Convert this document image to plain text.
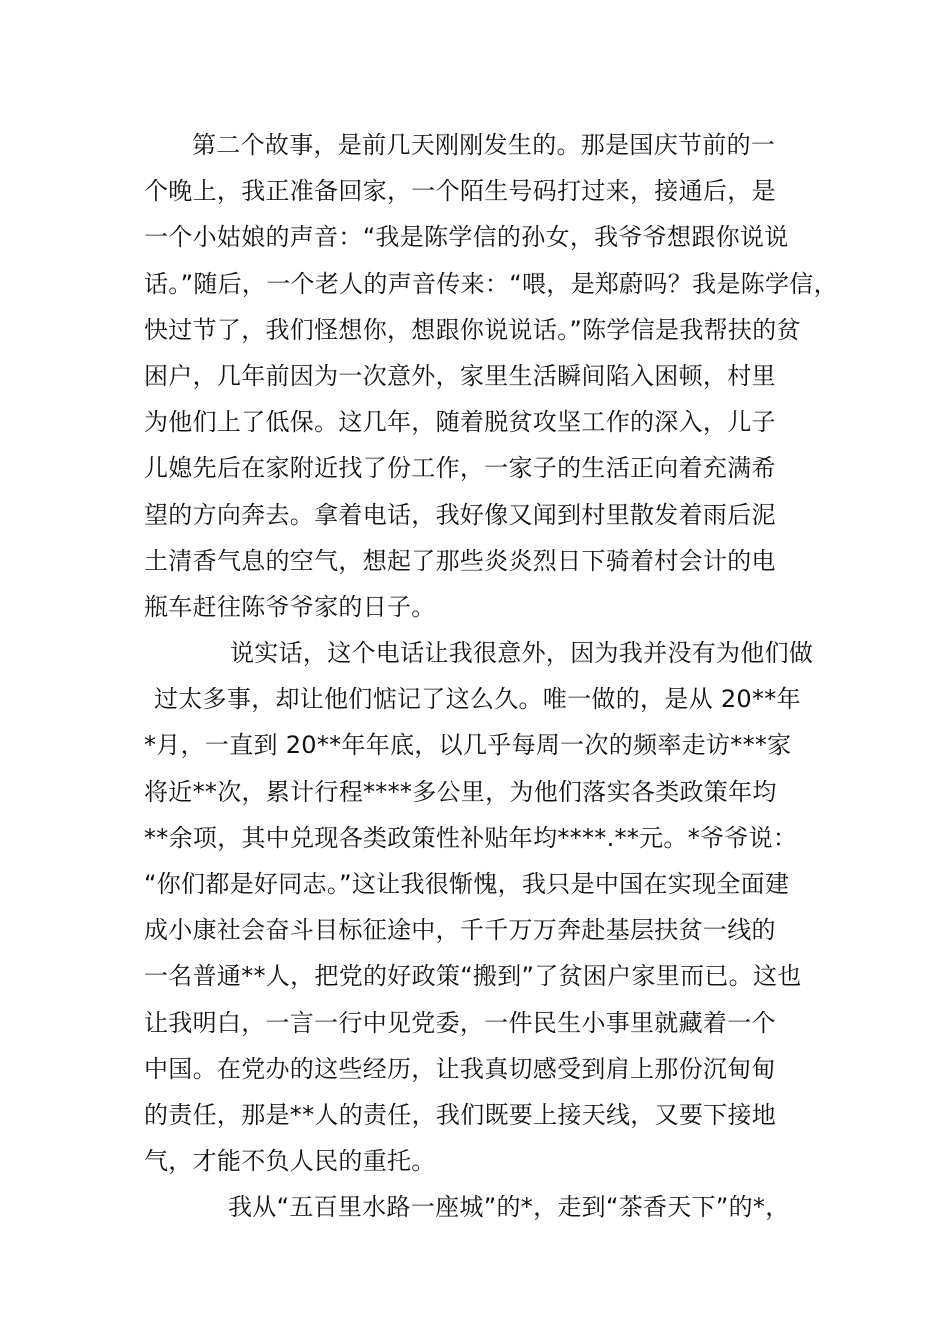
第二个故事，是前几天刚刚发生的。那是国庆节前的一
个晚上，我正准备回家，一个陌生号码打过来，接通后，是
一个小姑娘的声音：“我是陈学信的孙女，我爷爷想跟你说说
话。”随后，一个老人的声音传来：“喂，是郑蔚吗？我是陈学信，
快过节了，我们怪想你，想跟你说说话。”陈学信是我帮扶的贫
困户，几年前因为一次意外，家里生活瞬间陷入困顿，村里
为他们上了低保。这几年，随着脱贫攻坚工作的深入，儿子
儿媳先后在家附近找了份工作，一家子的生活正向着充满希
望的方向奔去。拿着电话，我好像又闻到村里散发着雨后泥
土清香气息的空气，想起了那些炎炎烈日下骑着村会计的电
瓶车赶往陈爷爷家的日子。
说实话，这个电话让我很意外，因为我并没有为他们做
过太多事，却让他们惦记了这么久。唯一做的，是从 20**年
*月，一直到 20**年年底，以几乎每周一次的频率走访***家
将近**次，累计行程****多公里，为他们落实各类政策年均
**余项，其中兑现各类政策性补贴年均****.**元。*爷爷说：
“你们都是好同志。”这让我很惭愧，我只是中国在实现全面建
成小康社会奋斗目标征途中，千千万万奔赴基层扶贫一线的
一名普通**人，把党的好政策“搬到”了贫困户家里而已。这也
让我明白，一言一行中见党委，一件民生小事里就藏着一个
中国。在党办的这些经历，让我真切感受到肩上那份沉甸甸
的责任，那是**人的责任，我们既要上接天线，又要下接地
气，才能不负人民的重托。
我从“五百里水路一座城”的*，走到“茶香天下”的*，
